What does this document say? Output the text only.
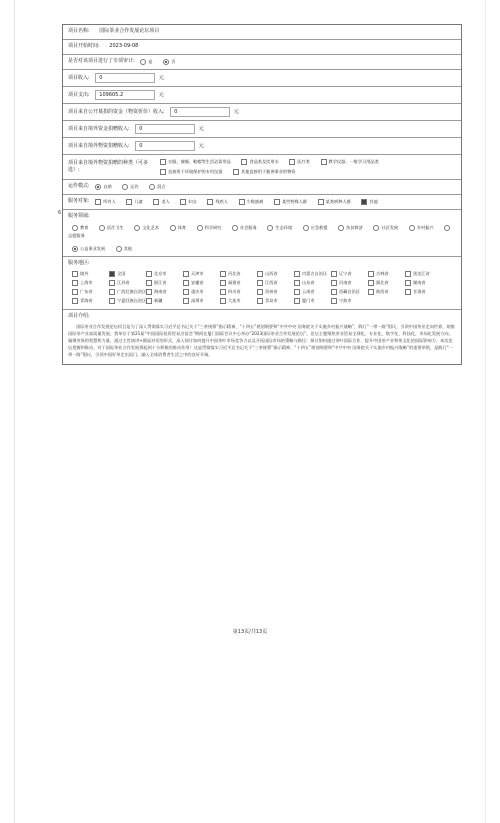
6
项目名称: 国际茶业合作发展论坛项目
项目开始时间: 2023-09-08
是否对该项目进行了专项审计:	是	否
项目收入: 0	元
项目支出: 109605.2	元
项目来自公开募捐的资金（物资折价）收入: 0	元
项目来自境外资金捐赠收入: 0	元
项目来自境外物资捐赠收入: 0	元
项目来自境外物资捐赠的种类（可多选）:
衣服、被褥、鞋帽等生活必需用品	食品类及饮用水	医疗类	教学仪器、一般学习用品类
直接用于环境保护的专用仪器	其他直接用于慈善事业的物资
运作模式:	自助	运作	混合
服务对象:	所有人	儿童	老人	妇女	残疾人	少数族裔	某些特殊人群	某类病种人群	其他
服务领域:
教育	医疗卫生	文化艺术	体育	科学研究	社会服务	生态环境	应急救援	扶贫救济	社区发展	乡村振兴 志愿服务
公益事业发展	其他
服务地区:
境外	全国	北京市	天津市	河北省	山西省	内蒙古自治区	辽宁省	吉林省	黑龙江省
上海市	江苏省	浙江省	安徽省	福建省	江西省	山东省	河南省	湖北省	湖南省
广东省	广西壮族自治区	海南省	重庆市	四川省	贵州省	云南省	西藏自治区	陕西省	甘肃省
青海省	宁夏回族自治区	新疆	深圳市	大连市	青岛市	厦门市	宁波市
项目介绍:
国际茶业合作发展论坛项目是为了深入贯彻落实习近平总书记关于“三茶统筹”指示精神、“十四五”规划纲要和“中共中央 国务院关于实施乡村振兴战略”，践行“一带一路”倡议，引领中国茶业走向世界，助推国际茶产业高质量发展。我单位于第21届“中国国际投资贸易洽谈会”期间在厦门国际会议中心举办“2023国际茶业合作发展论坛”。论坛主题聚焦茶业贸易全球化、专业化、数字化、科技化，市场化发展方向，凝聚茶界的智慧和力量，通过主旨演讲+圆桌对话的形式，深入探讨如何提升中国茶叶市场竞争力以及开拓国际市场的策略与路径；探讨如何通过茶叶国际合作，提升中国茶产业和茶文化的国际影响力。本次论坛把握和推动、对于国际茶业合作发展将起到十分积极的推动作用！这是贯彻落实习近平总书记关于“三茶统筹”指示精神、“十四五”规划纲要和“中共中央 国务院关于实施乡村振兴战略”的重要举措，是践行“一带一路”倡议，引领中国好茶走出国门，融入全球消费者生活之中的良好开端。
第13页/共13页
